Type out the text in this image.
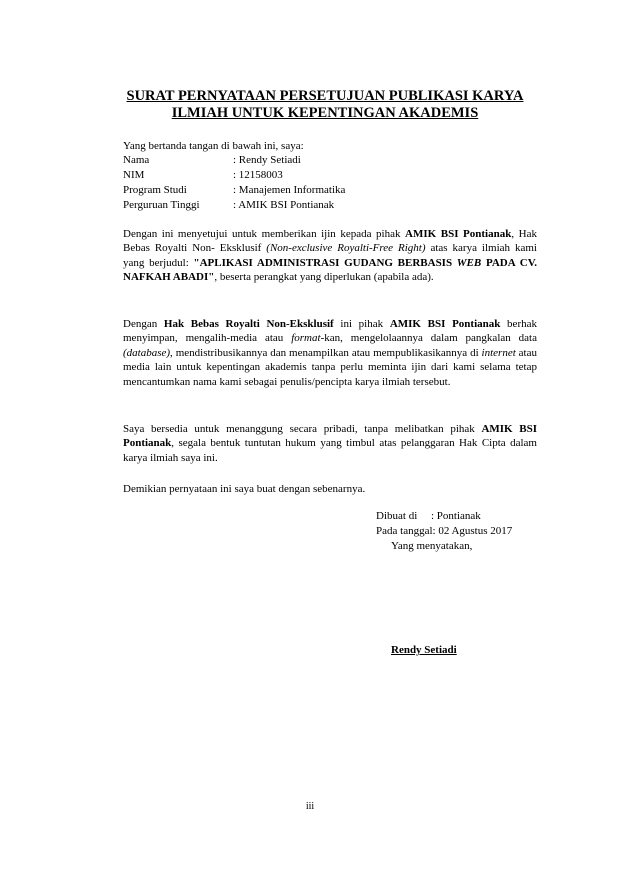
SURAT PERNYATAAN PERSETUJUAN PUBLIKASI KARYA
ILMIAH UNTUK KEPENTINGAN AKADEMIS
Yang bertanda tangan di bawah ini, saya:
Nama	: Rendy Setiadi
NIM	: 12158003
Program Studi	: Manajemen Informatika
Perguruan Tinggi	: AMIK BSI Pontianak
Dengan ini menyetujui untuk memberikan ijin kepada pihak AMIK BSI Pontianak, Hak Bebas Royalti Non- Eksklusif (Non-exclusive Royalti-Free Right) atas karya ilmiah kami yang berjudul: "APLIKASI ADMINISTRASI GUDANG BERBASIS WEB PADA CV. NAFKAH ABADI", beserta perangkat yang diperlukan (apabila ada).
Dengan Hak Bebas Royalti Non-Eksklusif ini pihak AMIK BSI Pontianak berhak menyimpan, mengalih-media atau format-kan, mengelolaannya dalam pangkalan data (database), mendistribusikannya dan menampilkan atau mempublikasikannya di internet atau media lain untuk kepentingan akademis tanpa perlu meminta ijin dari kami selama tetap mencantumkan nama kami sebagai penulis/pencipta karya ilmiah tersebut.
Saya bersedia untuk menanggung secara pribadi, tanpa melibatkan pihak AMIK BSI Pontianak, segala bentuk tuntutan hukum yang timbul atas pelanggaran Hak Cipta dalam karya ilmiah saya ini.
Demikian pernyataan ini saya buat dengan sebenarnya.
Dibuat di     : Pontianak
Pada tanggal: 02 Agustus 2017
Yang menyatakan,
Rendy Setiadi
iii
